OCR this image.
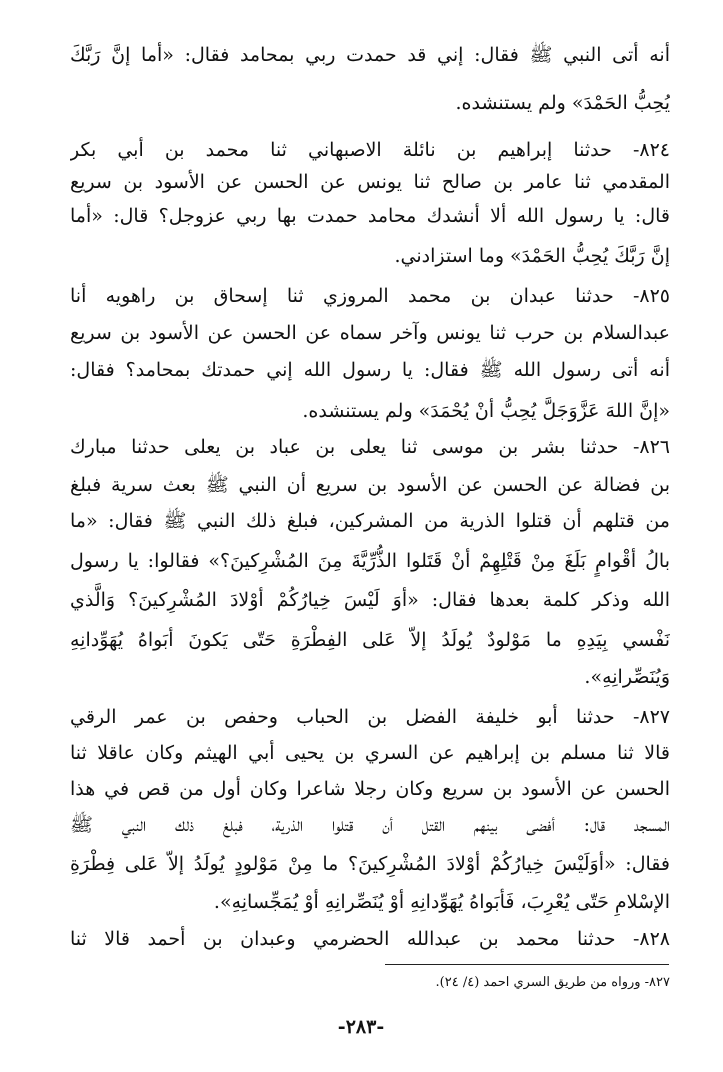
أنه أتى النبي ﷺ فقال: إني قد حمدت ربي بمحامد فقال: «أما إنَّ رَبَّكَ
يُحِبُّ الحَمْدَ» ولم يستنشده.
٨٢٤- حدثنا إبراهيم بن نائلة الاصبهاني ثنا محمد بن أبي بكر
المقدمي ثنا عامر بن صالح ثنا يونس عن الحسن عن الأسود بن سريع
قال: يا رسول الله ألا أنشدك محامد حمدت بها ربي عزوجل؟ قال: «أما
إنَّ رَبَّكَ يُحِبُّ الحَمْدَ» وما استزادني.
٨٢٥- حدثنا عبدان بن محمد المروزي ثنا إسحاق بن راهويه أنا
عبدالسلام بن حرب ثنا يونس وآخر سماه عن الحسن عن الأسود بن سريع
أنه أتى رسول الله ﷺ فقال: يا رسول الله إني حمدتك بمحامد؟ فقال:
«إنَّ اللهَ عَزَّوَجَلَّ يُحِبُّ أنْ يُحْمَدَ» ولم يستنشده.
٨٢٦- حدثنا بشر بن موسى ثنا يعلى بن عباد بن يعلى حدثنا مبارك
بن فضالة عن الحسن عن الأسود بن سريع أن النبي ﷺ بعث سرية فبلغ
من قتلهم أن قتلوا الذرية من المشركين، فبلغ ذلك النبي ﷺ فقال: «ما
بالُ أقْوامٍ بَلَغَ مِنْ قَتْلِهِمْ أنْ قَتَلوا الذُّرِّيَّةَ مِنَ المُشْرِكينَ؟» فقالوا: يا رسول
الله وذكر كلمة بعدها فقال: «أوَ لَيْسَ خِيارُكُمْ أوْلادَ المُشْرِكينَ؟ وَالَّذي
نَفْسي بِيَدِهِ ما مَوْلودٌ يُولَدُ إلاّ عَلى الفِطْرَةِ حَتّى يَكونَ أبَواهُ يُهَوِّدانِهِ
وَيُنَصِّرانِهِ».
٨٢٧- حدثنا أبو خليفة الفضل بن الحباب وحفص بن عمر الرقي
قالا ثنا مسلم بن إبراهيم عن السري بن يحيى أبي الهيثم وكان عاقلا ثنا
الحسن عن الأسود بن سريع وكان رجلا شاعرا وكان أول من قص في هذا
المسجد قال: أفضى بينهم القتل أن قتلوا الذرية، فبلغ ذلك النبي ﷺ
فقال: «أوَلَيْسَ خِيارُكُمْ أوْلادَ المُشْرِكينَ؟ ما مِنْ مَوْلودٍ يُولَدُ إلاّ عَلى فِطْرَةِ
الإسْلامِ حَتّى يُعْرِبَ، فَأبَواهُ يُهَوِّدانِهِ أوْ يُنَصِّرانِهِ أوْ يُمَجِّسانِهِ».
٨٢٨- حدثنا محمد بن عبدالله الحضرمي وعبدان بن أحمد قالا ثنا
٨٢٧- ورواه من طريق السري احمد (٤/ ٢٤).
-٢٨٣-
